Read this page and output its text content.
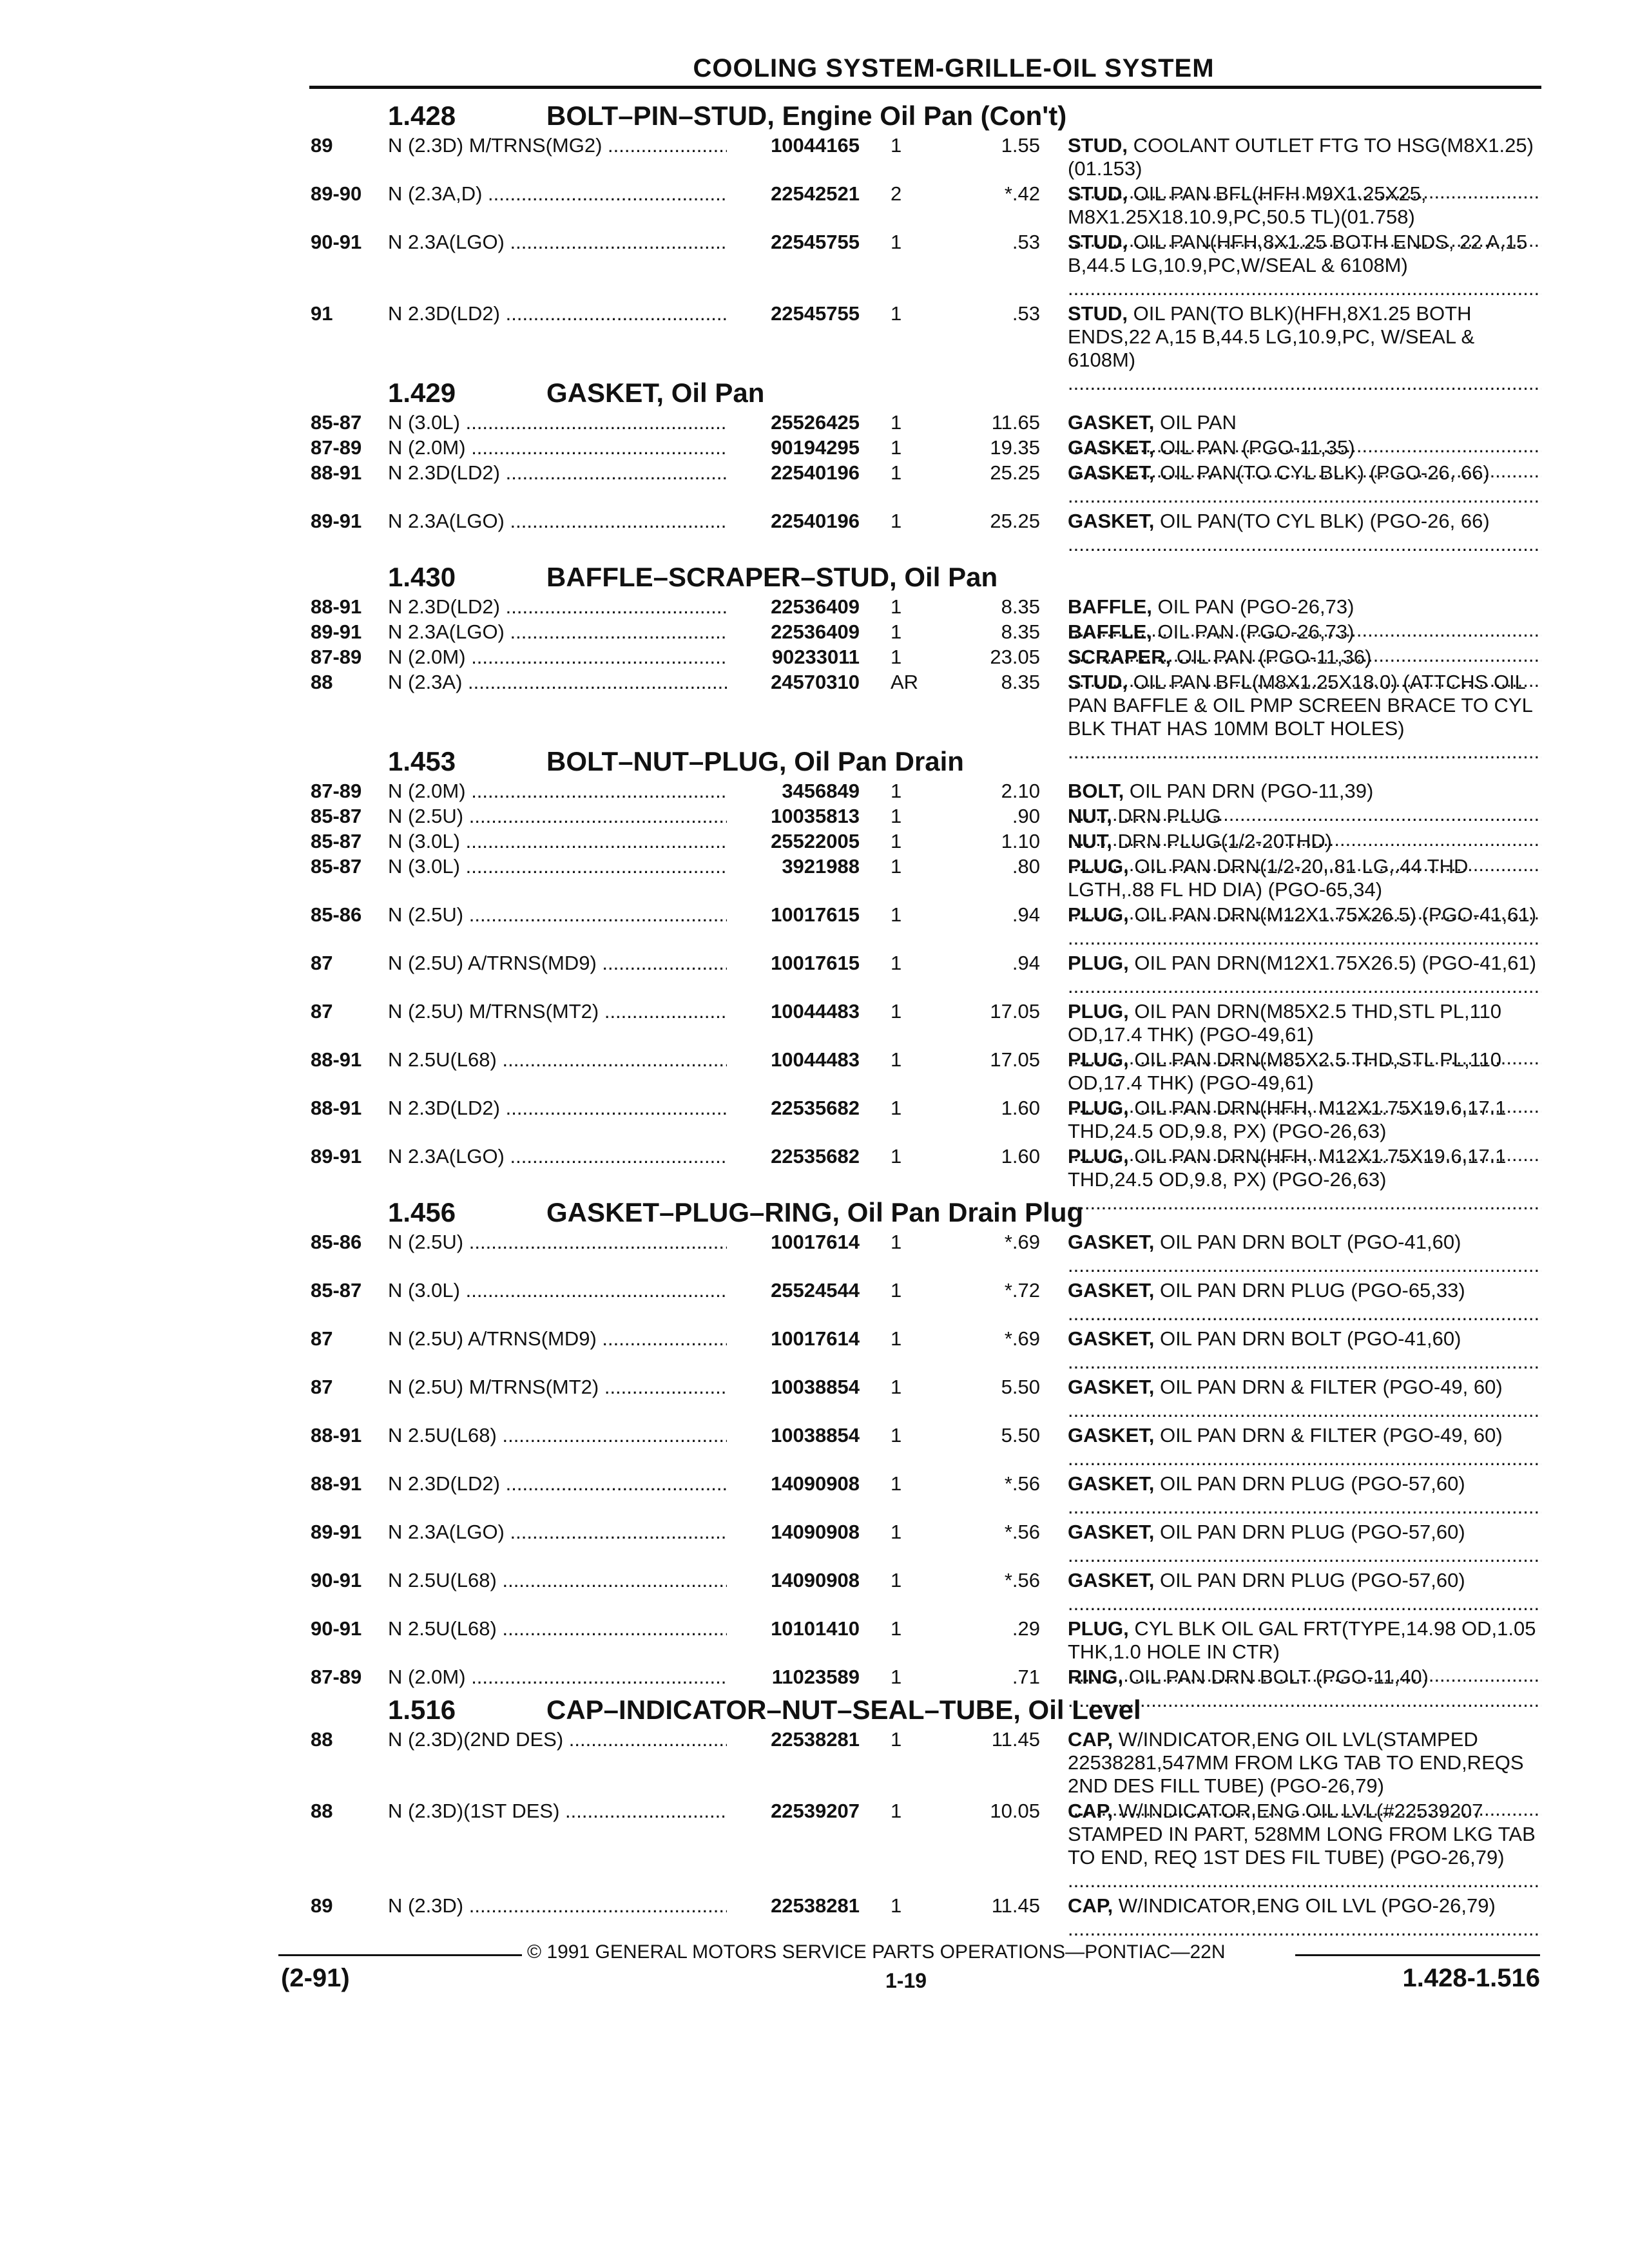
COOLING SYSTEM-GRILLE-OIL SYSTEM
1.428	BOLT–PIN–STUD, Engine Oil Pan (Con't)
89	N (2.3D) M/TRNS(MG2) .....	10044165 1	1.55 STUD, COOLANT OUTLET FTG TO HSG(M8X1.25)(01.153) .....
89-90 N (2.3A,D) .....	22542521 2	*.42 STUD, OIL PAN BFL(HFH M9X1.25X25, M8X1.25X18.10.9,PC,50.5 TL)(01.758) .....
90-91 N 2.3A(LGO) .....	22545755 1	.53 STUD, OIL PAN(HFH,8X1.25 BOTH ENDS, 22 A,15 B,44.5 LG,10.9,PC,W/SEAL & 6108M) .....
91	N 2.3D(LD2) .....	22545755 1	.53 STUD, OIL PAN(TO BLK)(HFH,8X1.25 BOTH ENDS,22 A,15 B,44.5 LG,10.9,PC, W/SEAL & 6108M) .....
1.429	GASKET, Oil Pan
85-87 N (3.0L) .....	25526425 1	11.65 GASKET, OIL PAN .....
87-89 N (2.0M) .....	90194295 1	19.35 GASKET, OIL PAN (PGO-11,35) .....
88-91 N 2.3D(LD2) .....	22540196 1	25.25 GASKET, OIL PAN(TO CYL BLK) (PGO-26, 66) .....
89-91 N 2.3A(LGO) .....	22540196 1	25.25 GASKET, OIL PAN(TO CYL BLK) (PGO-26, 66) .....
1.430	BAFFLE–SCRAPER–STUD, Oil Pan
88-91 N 2.3D(LD2) .....	22536409 1	8.35 BAFFLE, OIL PAN (PGO-26,73) .....
89-91 N 2.3A(LGO) .....	22536409 1	8.35 BAFFLE, OIL PAN (PGO-26,73) .....
87-89 N (2.0M) .....	90233011 1	23.05 SCRAPER, OIL PAN (PGO-11,36) .....
88	N (2.3A) .....	24570310 AR	8.35 STUD, OIL PAN BFL(M8X1.25X18.0) (ATTCHS OIL PAN BAFFLE & OIL PMP SCREEN BRACE TO CYL BLK THAT HAS 10MM BOLT HOLES) .....
1.453	BOLT–NUT–PLUG, Oil Pan Drain
87-89 N (2.0M) .....	3456849 1	2.10 BOLT, OIL PAN DRN (PGO-11,39) .....
85-87 N (2.5U) .....	10035813 1	.90 NUT, DRN PLUG .....
85-87 N (3.0L) .....	25522005 1	1.10 NUT, DRN PLUG(1/2-20THD) .....
85-87 N (3.0L) .....	3921988 1	.80 PLUG, OIL PAN DRN(1/2-20,.81 LG,.44 THD LGTH,.88 FL HD DIA) (PGO-65,34) .....
85-86 N (2.5U) .....	10017615 1	.94 PLUG, OIL PAN DRN(M12X1.75X26.5) (PGO-41,61) .....
87	N (2.5U) A/TRNS(MD9) .....	10017615 1	.94 PLUG, OIL PAN DRN(M12X1.75X26.5) (PGO-41,61) .....
87	N (2.5U) M/TRNS(MT2) .....	10044483 1	17.05 PLUG, OIL PAN DRN(M85X2.5 THD,STL PL,110 OD,17.4 THK) (PGO-49,61) .....
88-91 N 2.5U(L68) .....	10044483 1	17.05 PLUG, OIL PAN DRN(M85X2.5 THD,STL PL,110 OD,17.4 THK) (PGO-49,61) .....
88-91 N 2.3D(LD2) .....	22535682 1	1.60 PLUG, OIL PAN DRN(HFH, M12X1.75X19.6,17.1 THD,24.5 OD,9.8, PX) (PGO-26,63) .....
89-91 N 2.3A(LGO) .....	22535682 1	1.60 PLUG, OIL PAN DRN(HFH, M12X1.75X19.6,17.1 THD,24.5 OD,9.8, PX) (PGO-26,63) .....
1.456	GASKET–PLUG–RING, Oil Pan Drain Plug
85-86 N (2.5U) .....	10017614 1	*.69 GASKET, OIL PAN DRN BOLT (PGO-41,60) .....
85-87 N (3.0L) .....	25524544 1	*.72 GASKET, OIL PAN DRN PLUG (PGO-65,33) .....
87	N (2.5U) A/TRNS(MD9) .....	10017614 1	*.69 GASKET, OIL PAN DRN BOLT (PGO-41,60) .....
87	N (2.5U) M/TRNS(MT2) .....	10038854 1	5.50 GASKET, OIL PAN DRN & FILTER (PGO-49, 60) .....
88-91 N 2.5U(L68) .....	10038854 1	5.50 GASKET, OIL PAN DRN & FILTER (PGO-49, 60) .....
88-91 N 2.3D(LD2) .....	14090908 1	*.56 GASKET, OIL PAN DRN PLUG (PGO-57,60) .....
89-91 N 2.3A(LGO) .....	14090908 1	*.56 GASKET, OIL PAN DRN PLUG (PGO-57,60) .....
90-91 N 2.5U(L68) .....	14090908 1	*.56 GASKET, OIL PAN DRN PLUG (PGO-57,60) .....
90-91 N 2.5U(L68) .....	10101410 1	.29 PLUG, CYL BLK OIL GAL FRT(TYPE,14.98 OD,1.05 THK,1.0 HOLE IN CTR) .....
87-89 N (2.0M) .....	11023589 1	.71 RING, OIL PAN DRN BOLT (PGO-11,40) .....
1.516	CAP–INDICATOR–NUT–SEAL–TUBE, Oil Level
88	N (2.3D)(2ND DES) .....	22538281 1	11.45 CAP, W/INDICATOR,ENG OIL LVL(STAMPED 22538281,547MM FROM LKG TAB TO END,REQS 2ND DES FILL TUBE) (PGO-26,79) .....
88	N (2.3D)(1ST DES) .....	22539207 1	10.05 CAP, W/INDICATOR,ENG OIL LVL(#22539207 STAMPED IN PART, 528MM LONG FROM LKG TAB TO END, REQ 1ST DES FIL TUBE) (PGO-26,79) .....
89	N (2.3D) .....	22538281 1	11.45 CAP, W/INDICATOR,ENG OIL LVL (PGO-26,79) .....
© 1991 GENERAL MOTORS SERVICE PARTS OPERATIONS—PONTIAC—22N
(2-91)	1-19	1.428-1.516
